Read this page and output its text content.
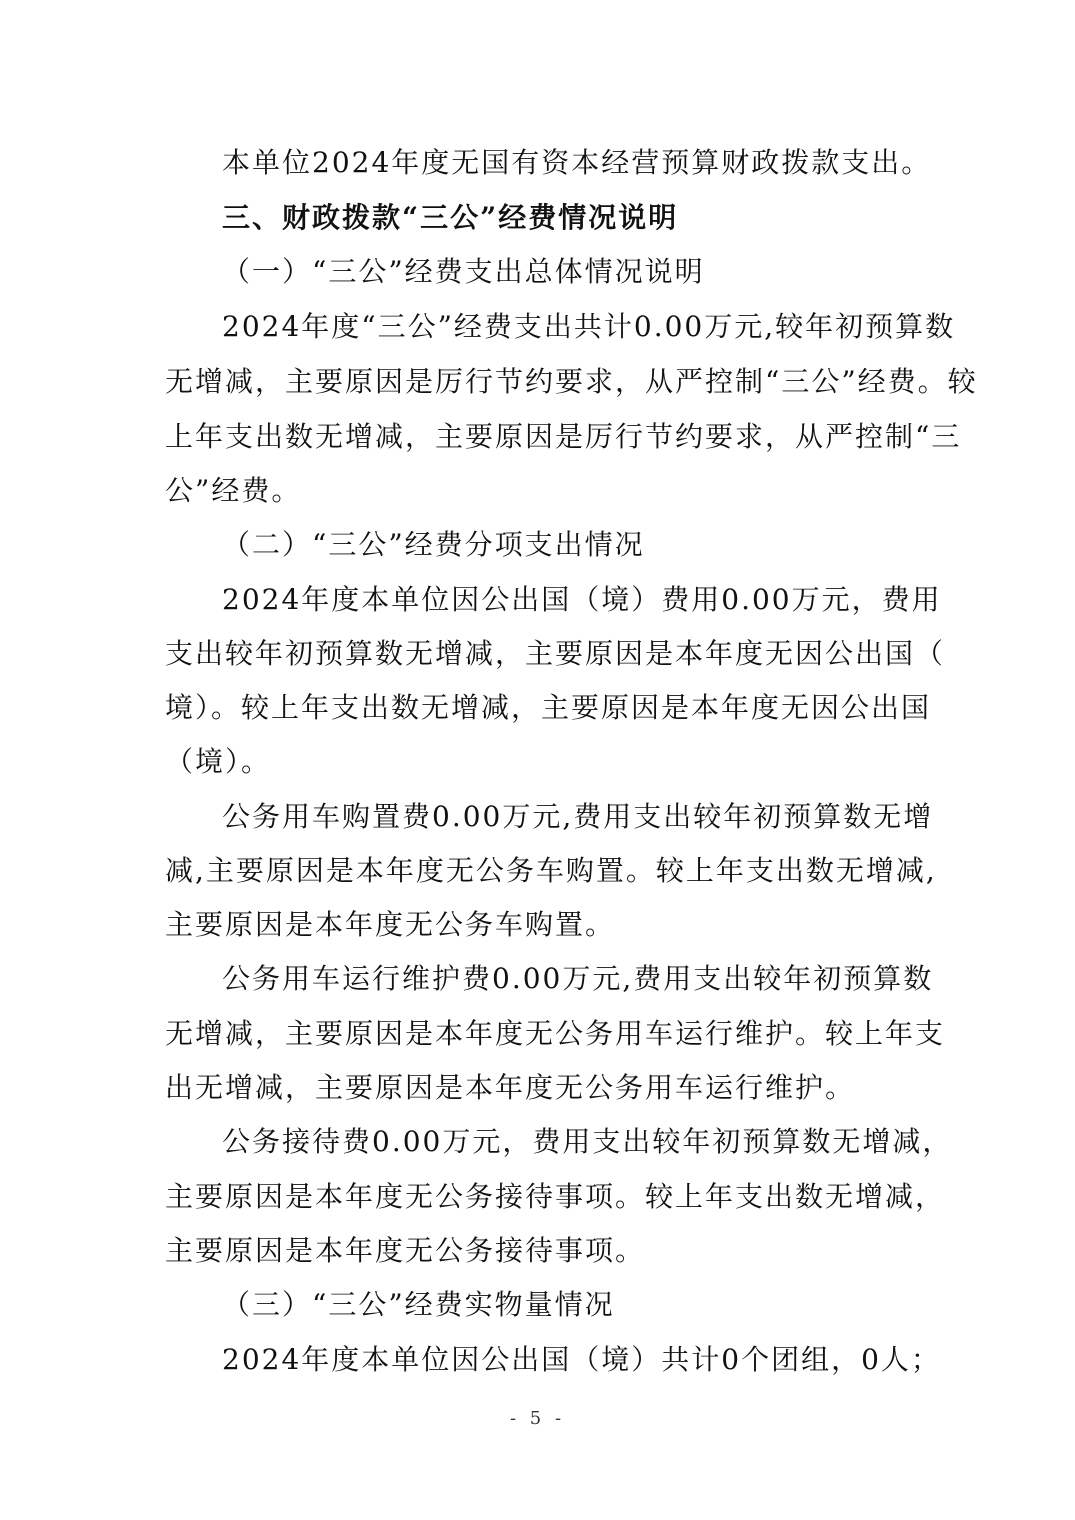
本单位2024年度无国有资本经营预算财政拨款支出。
三、财政拨款“三公”经费情况说明
（一）“三公”经费支出总体情况说明
2024年度“三公”经费支出共计0.00万元,较年初预算数
无增减，主要原因是厉行节约要求，从严控制“三公”经费。较
上年支出数无增减，主要原因是厉行节约要求，从严控制“三
公”经费。
（二）“三公”经费分项支出情况
2024年度本单位因公出国（境）费用0.00万元，费用
支出较年初预算数无增减，主要原因是本年度无因公出国（
境）。较上年支出数无增减，主要原因是本年度无因公出国
（境）。
公务用车购置费0.00万元,费用支出较年初预算数无增
减,主要原因是本年度无公务车购置。较上年支出数无增减,
主要原因是本年度无公务车购置。
公务用车运行维护费0.00万元,费用支出较年初预算数
无增减，主要原因是本年度无公务用车运行维护。较上年支
出无增减，主要原因是本年度无公务用车运行维护。
公务接待费0.00万元，费用支出较年初预算数无增减，
主要原因是本年度无公务接待事项。较上年支出数无增减，
主要原因是本年度无公务接待事项。
（三）“三公”经费实物量情况
2024年度本单位因公出国（境）共计0个团组，0人；
- 5 -
